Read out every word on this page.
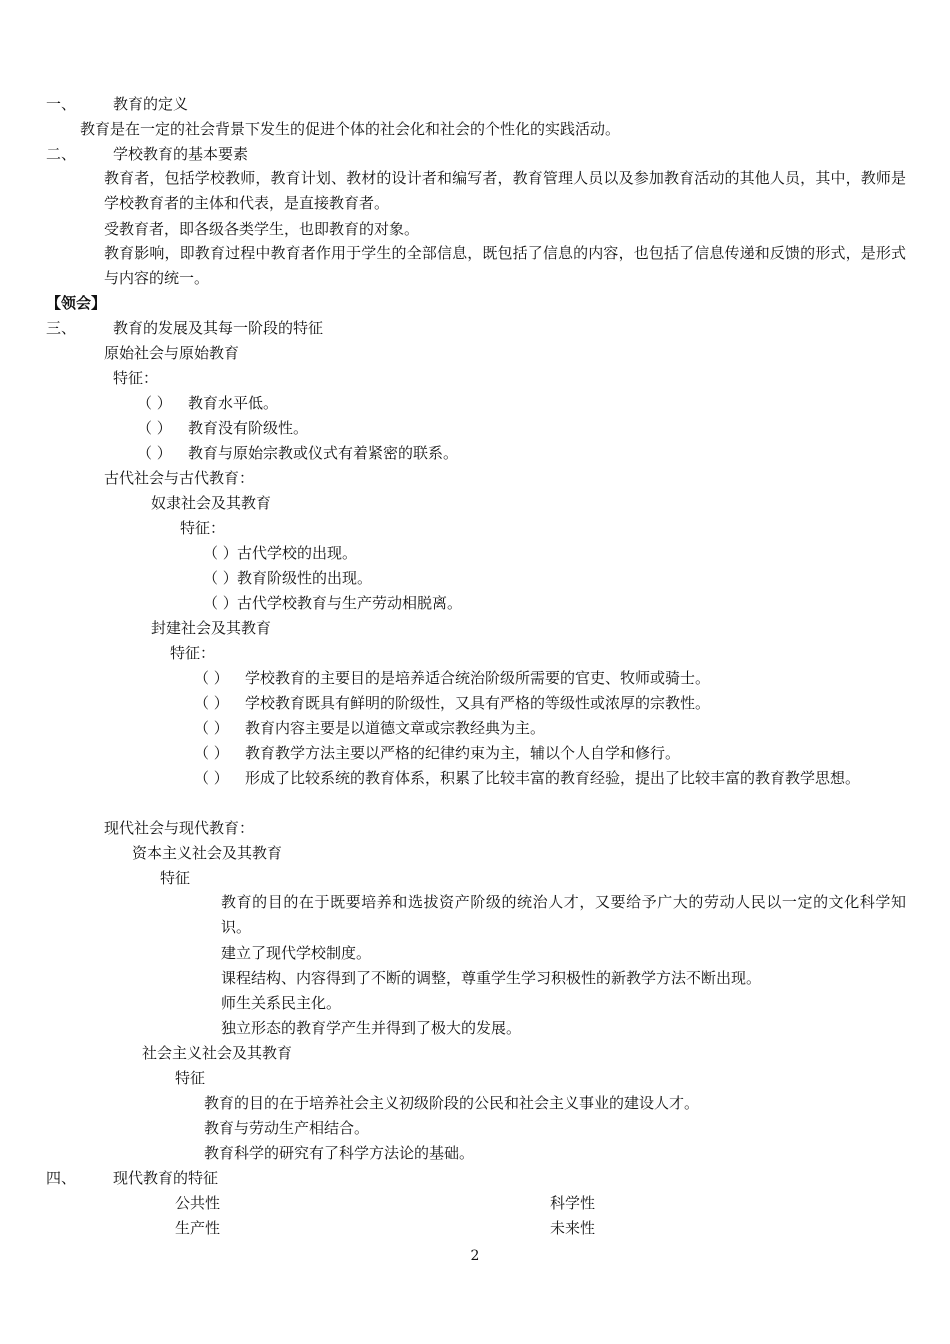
一、 教育的定义
教育是在一定的社会背景下发生的促进个体的社会化和社会的个性化的实践活动。
二、 学校教育的基本要素
教育者，包括学校教师，教育计划、教材的设计者和编写者，教育管理人员以及参加教育活动的其他人员，其中，教师是学校教育者的主体和代表，是直接教育者。
受教育者，即各级各类学生，也即教育的对象。
教育影响，即教育过程中教育者作用于学生的全部信息，既包括了信息的内容，也包括了信息传递和反馈的形式，是形式与内容的统一。
【领会】
三、 教育的发展及其每一阶段的特征
原始社会与原始教育
特征：
（ ） 教育水平低。
（ ） 教育没有阶级性。
（ ） 教育与原始宗教或仪式有着紧密的联系。
古代社会与古代教育：
奴隶社会及其教育
特征：
（ ） 古代学校的出现。
（ ） 教育阶级性的出现。
（ ） 古代学校教育与生产劳动相脱离。
封建社会及其教育
特征：
（ ） 学校教育的主要目的是培养适合统治阶级所需要的官吏、牧师或骑士。
（ ） 学校教育既具有鲜明的阶级性，又具有严格的等级性或浓厚的宗教性。
（ ） 教育内容主要是以道德文章或宗教经典为主。
（ ） 教育教学方法主要以严格的纪律约束为主，辅以个人自学和修行。
（ ） 形成了比较系统的教育体系，积累了比较丰富的教育经验，提出了比较丰富的教育教学思想。
现代社会与现代教育：
资本主义社会及其教育
特征
教育的目的在于既要培养和选拔资产阶级的统治人才，又要给予广大的劳动人民以一定的文化科学知识。
建立了现代学校制度。
课程结构、内容得到了不断的调整，尊重学生学习积极性的新教学方法不断出现。
师生关系民主化。
独立形态的教育学产生并得到了极大的发展。
社会主义社会及其教育
特征
教育的目的在于培养社会主义初级阶段的公民和社会主义事业的建设人才。
教育与劳动生产相结合。
教育科学的研究有了科学方法论的基础。
四、 现代教育的特征
公共性	科学性
生产性	未来性
2
